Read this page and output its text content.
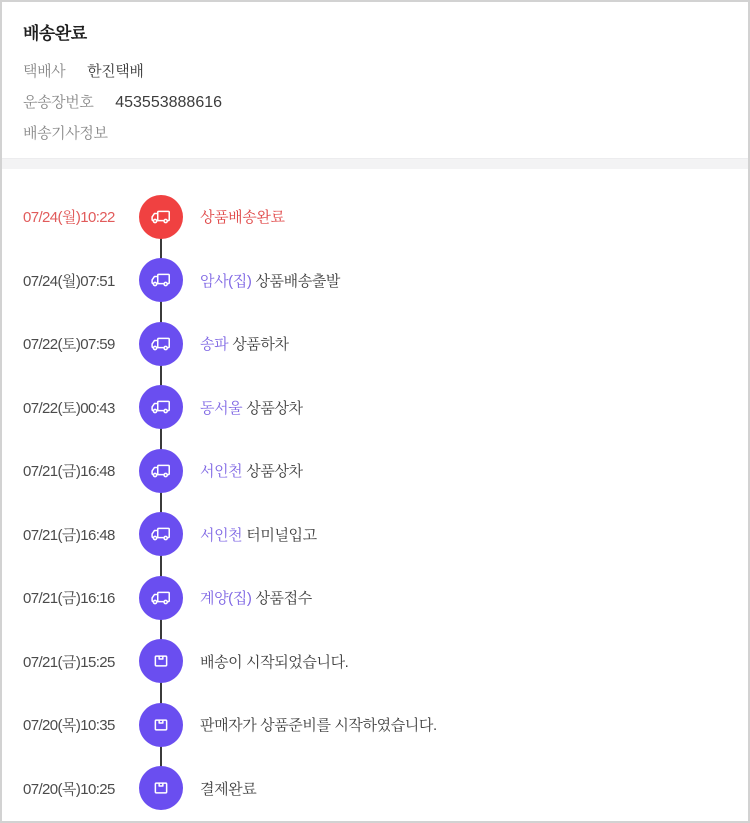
배송완료
택배사 한진택배
운송장번호 453553888616
배송기사정보
07/24(월)10:22	상품배송완료
07/24(월)07:51	암사(집) 상품배송출발
07/22(토)07:59	송파 상품하차
07/22(토)00:43	동서울 상품상차
07/21(금)16:48	서인천 상품상차
07/21(금)16:48	서인천 터미널입고
07/21(금)16:16	계양(집) 상품접수
07/21(금)15:25	배송이 시작되었습니다.
07/20(목)10:35	판매자가 상품준비를 시작하였습니다.
07/20(목)10:25	결제완료
